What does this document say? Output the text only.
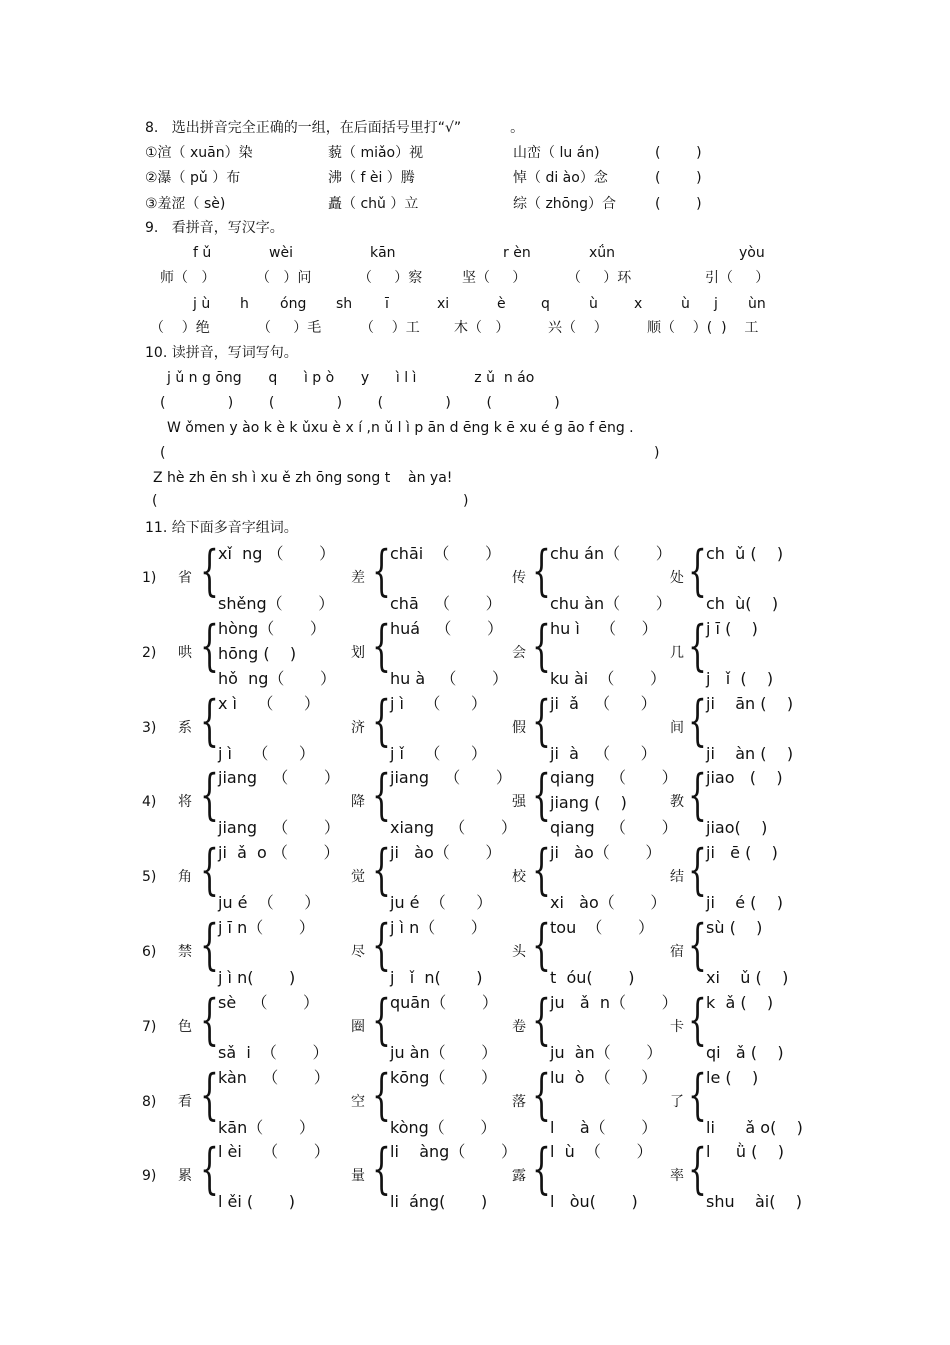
8.   选出拼音完全正确的一组，在后面括号里打“√”           。
①渲（ xuān）染	藐（ miǎo）视	山峦（ lu án)	(        )
②瀑（ pǔ ）布	沸（ f èi ）腾	悼（ di ào）念	(        )
③羞涩（ sè)	矗（ chǔ ）立	综（ zhōng）合	(        )
9.   看拼音，写汉字。
f ǔ	wèi	kān	r èn	xǘn	yòu
师（   ）	（   ）问	（     ）察	坚（     ）	（     ）环	引（     ）
j ù h óng sh ī	xi	è	q	ù	x	ù j ùn
（    ）绝	（     ）毛	（    ）工 木（   ）	兴（    ）	顺（    ）(  )    工
10. 读拼音，写词写句。
j ǔ n g ōng      q      ì p ò      y      ì l ì             z ǔ  n áo
(              )        (              )        (              )        (              )
W ǒmen y ào k è k ǔxu è x í ,n ǔ l ì p ān d ēng k ē xu é g āo f ēng .
(	)
Z hè zh ēn sh ì xu ě zh ōng song t    àn ya!
(	)
11. 给下面多音字组词。
1) 省 { xǐ  ng （       ）
shěng（       ）
差 { chāi  （       ）
chā   （       ）
传 { chu án（       ）
chu àn（       ）
处 { ch  ǔ (    )
ch  ù(    )
2) 哄 { hòng（       ）
hōng (    )
hǒ  ng（       ）
划 { huá   （       ）
hu à   （       ）
会 { hu ì    （     ）
ku ài  （       ）
几 { j ī (    )
j   ǐ  (    )
3) 系 { x ì    （      ）
j ì    （      ）
济 { j ì    （      ）
j ǐ    （      ）
假 { ji  ǎ   （      ）
ji  à   （      ）
间 { ji    ān (    )
ji    àn (    )
4) 将 { jiang   （       ）
jiang   （       ）
降 { jiang   （       ）
xiang   （       ）
强 { qiang   （       ）
jiang (    )
qiang   （       ）
教 { jiao   (    )
jiao(    )
5) 角 { ji  ǎ  o （       ）
ju é  （      ）
觉 { ji   ào（       ）
ju é  （      ）
校 { ji   ào（       ）
xi   ào（       ）
结 { ji   ē (    )
ji    é (    )
6) 禁 { j ī n（       ）
j ì n(       )
尽 { j ì n（       ）
j   ǐ  n(       )
头 { tou  （       ）
t  óu(       )
宿 { sù (    )
xi    ǔ (    )
7) 色 { sè   （       ）
sǎ  i  （       ）
圈 { quān（       ）
ju àn（       ）
卷 { ju   ǎ  n（       ）
ju  àn（       ）
卡 { k  ǎ (    )
qi   ǎ (    )
8) 看 { kàn   （       ）
kān（       ）
空 { kōng（       ）
kòng（       ）
落 { lu  ò  （      ）
l     à（       ）
了 { le (    )
li      ǎ o(    )
9) 累 { l èi    （       ）
l ěi (       )
量 { li    àng（       ）
li  áng(       )
露 { l  ù  （       ）
l   òu(       )
率 { l     ǜ (    )
shu    ài(    )
